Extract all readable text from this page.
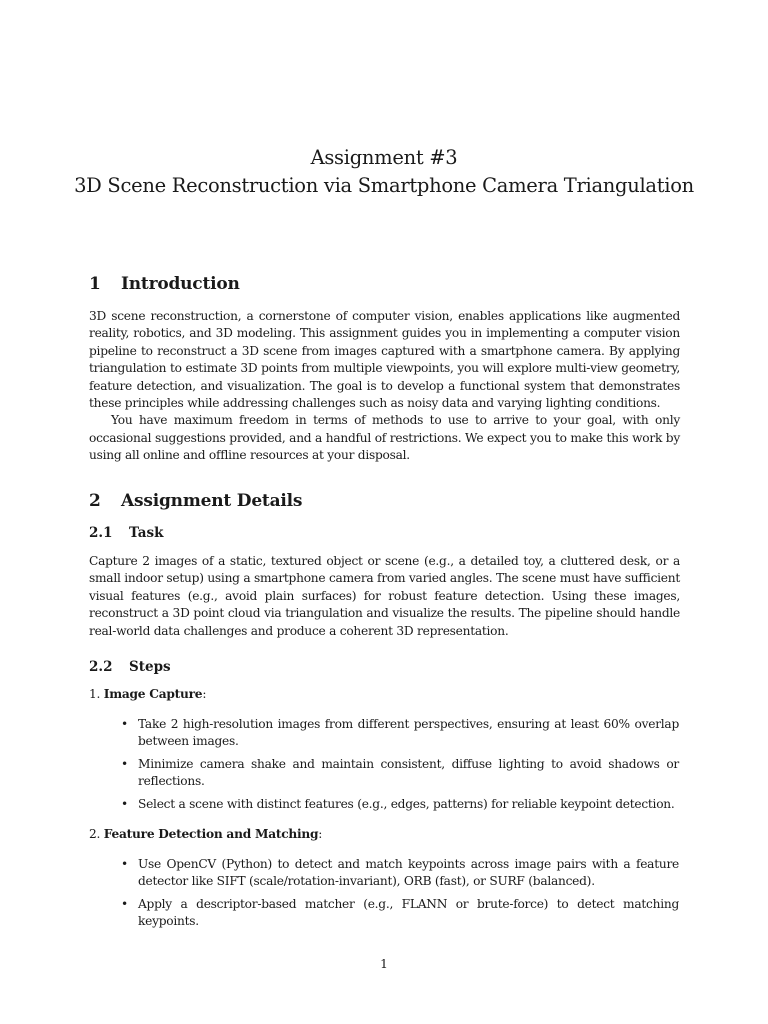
Assignment #3
3D Scene Reconstruction via Smartphone Camera Triangulation
1 Introduction

3D scene reconstruction, a cornerstone of computer vision, enables applications like augmented reality, robotics, and 3D modeling. This assignment guides you in implementing a computer vision pipeline to reconstruct a 3D scene from images captured with a smartphone camera. By applying triangulation to estimate 3D points from multiple viewpoints, you will explore multi-view geometry, feature detection, and visualization. The goal is to develop a functional system that demonstrates these principles while addressing challenges such as noisy data and varying lighting conditions.

You have maximum freedom in terms of methods to use to arrive to your goal, with only occasional suggestions provided, and a handful of restrictions. We expect you to make this work by using all online and offline resources at your disposal.

2 Assignment Details
2.1 Task

Capture 2 images of a static, textured object or scene (e.g., a detailed toy, a cluttered desk, or a small indoor setup) using a smartphone camera from varied angles. The scene must have sufficient visual features (e.g., avoid plain surfaces) for robust feature detection. Using these images, reconstruct a 3D point cloud via triangulation and visualize the results. The pipeline should handle real-world data challenges and produce a coherent 3D representation.

2.2 Steps
1. Image Capture:
• Take 2 high-resolution images from different perspectives, ensuring at least 60% overlap between images.
• Minimize camera shake and maintain consistent, diffuse lighting to avoid shadows or reflections.
• Select a scene with distinct features (e.g., edges, patterns) for reliable keypoint detection.
2. Feature Detection and Matching:
• Use OpenCV (Python) to detect and match keypoints across image pairs with a feature detector like SIFT (scale/rotation-invariant), ORB (fast), or SURF (balanced).
• Apply a descriptor-based matcher (e.g., FLANN or brute-force) to detect matching keypoints.
1
